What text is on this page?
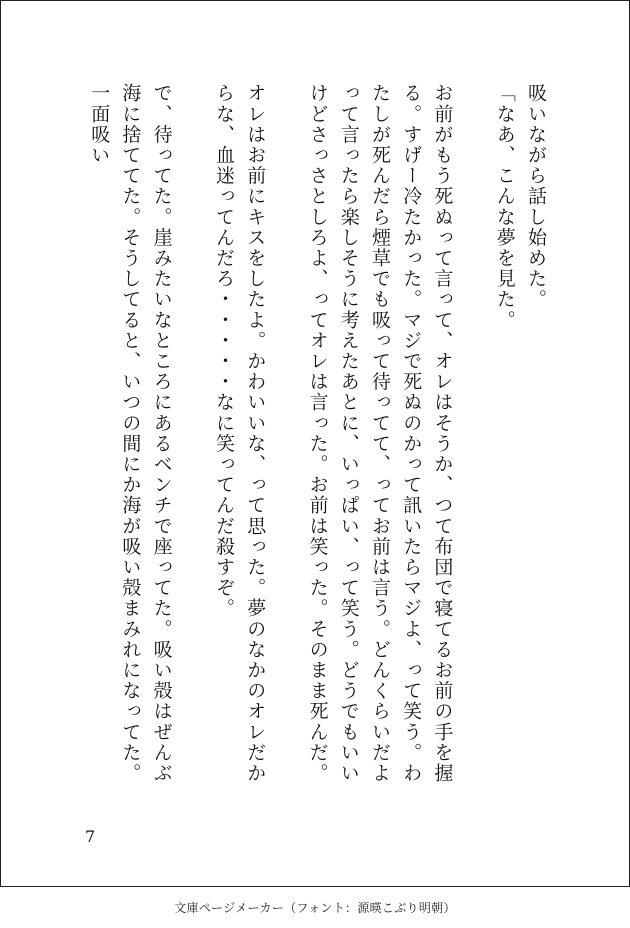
吸いながら話し始めた。

「なあ、こんな夢を見た。

お前がもう死ぬって言って、オレはそうか、つて布団で寝てるお前の手を握る。すげー冷たかった。マジで死ぬのかって訊いたらマジよ、って笑う。わたしが死んだら煙草でも吸って待ってて、ってお前は言う。どんくらいだよって言ったら楽しそうに考えたあとに、いっぱい、って笑う。どうでもいいけどさっさとしろよ、ってオレは言った。お前は笑った。そのまま死んだ。

オレはお前にキスをしたよ。かわいいな、って思った。夢のなかのオレだからな、血迷ってんだろ・・・・・なに笑ってんだ殺すぞ。

で、待ってた。崖みたいなところにあるベンチで座ってた。吸い殻はぜんぶ海に捨ててた。そうしてると、いつの間にか海が吸い殻まみれになってた。一面吸い

7
文庫ページメーカー（フォント：源暎こぶり明朝）
